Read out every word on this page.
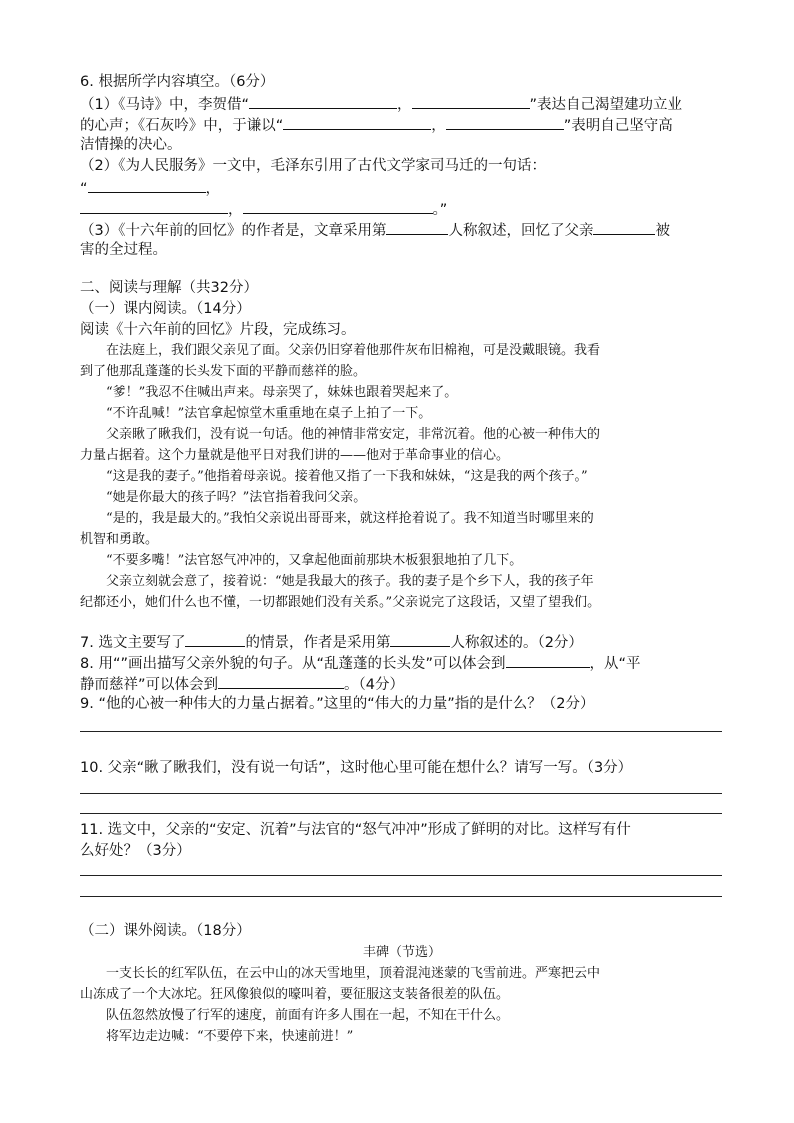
6. 根据所学内容填空。（6分）
（1）《马诗》中，李贺借“	，	”表达自己渴望建功立业
的心声；《石灰吟》中，于谦以“	，	”表明自己坚守高
洁情操的决心。
（2）《为人民服务》一文中，毛泽东引用了古代文学家司马迁的一句话：
“	，
，	。”
（3）《十六年前的回忆》的作者是，文章采用第	人称叙述，回忆了父亲	被
害的全过程。
二、阅读与理解（共32分）
（一）课内阅读。（14分）
阅读《十六年前的回忆》片段，完成练习。
在法庭上，我们跟父亲见了面。父亲仍旧穿着他那件灰布旧棉袍，可是没戴眼镜。我看
到了他那乱蓬蓬的长头发下面的平静而慈祥的脸。
“爹！”我忍不住喊出声来。母亲哭了，妹妹也跟着哭起来了。
“不许乱喊！”法官拿起惊堂木重重地在桌子上拍了一下。
父亲瞅了瞅我们，没有说一句话。他的神情非常安定，非常沉着。他的心被一种伟大的
力量占据着。这个力量就是他平日对我们讲的——他对于革命事业的信心。
“这是我的妻子。”他指着母亲说。接着他又指了一下我和妹妹，“这是我的两个孩子。”
“她是你最大的孩子吗？”法官指着我问父亲。
“是的，我是最大的。”我怕父亲说出哥哥来，就这样抢着说了。我不知道当时哪里来的
机智和勇敢。
“不要多嘴！”法官怒气冲冲的，又拿起他面前那块木板狠狠地拍了几下。
父亲立刻就会意了，接着说：“她是我最大的孩子。我的妻子是个乡下人，我的孩子年
纪都还小，她们什么也不懂，一切都跟她们没有关系。”父亲说完了这段话，又望了望我们。
7. 选文主要写了	的情景，作者是采用第	人称叙述的。（2分）
8. 用“”画出描写父亲外貌的句子。从“乱蓬蓬的长头发”可以体会到	，从“平
静而慈祥”可以体会到	。（4分）
9. “他的心被一种伟大的力量占据着。”这里的“伟大的力量”指的是什么？（2分）
10. 父亲“瞅了瞅我们，没有说一句话”，这时他心里可能在想什么？请写一写。（3分）
11. 选文中，父亲的“安定、沉着”与法官的“怒气冲冲”形成了鲜明的对比。这样写有什
么好处？（3分）
（二）课外阅读。（18分）
丰碑（节选）
一支长长的红军队伍，在云中山的冰天雪地里，顶着混沌迷蒙的飞雪前进。严寒把云中
山冻成了一个大冰坨。狂风像狼似的嚎叫着，要征服这支装备很差的队伍。
队伍忽然放慢了行军的速度，前面有许多人围在一起，不知在干什么。
将军边走边喊：“不要停下来，快速前进！”
